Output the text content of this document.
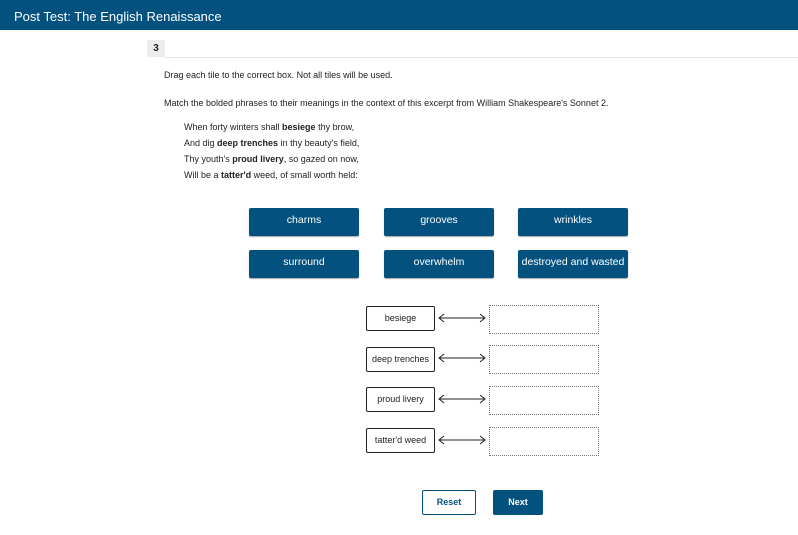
Post Test: The English Renaissance
3
Drag each tile to the correct box. Not all tiles will be used.
Match the bolded phrases to their meanings in the context of this excerpt from William Shakespeare's Sonnet 2.
When forty winters shall besiege thy brow,
And dig deep trenches in thy beauty's field,
Thy youth's proud livery, so gazed on now,
Will be a tatter'd weed, of small worth held:
charms	grooves	wrinkles
surround	overwhelm	destroyed and wasted
besiege
deep trenches
proud livery
tatter'd weed
Reset	Next
